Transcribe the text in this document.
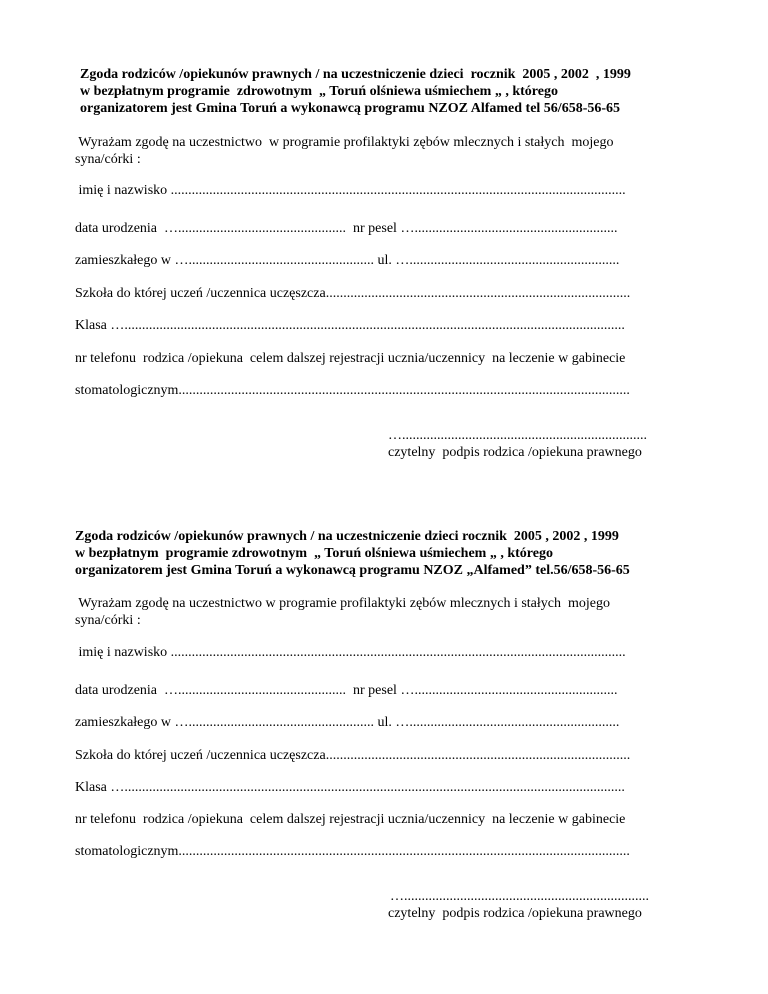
Zgoda rodziców /opiekunów prawnych / na uczestniczenie dzieci  rocznik  2005 , 2002  , 1999
w bezpłatnym programie  zdrowotnym  „ Toruń olśniewa uśmiechem „ , którego
organizatorem jest Gmina Toruń a wykonawcą programu NZOZ Alfamed tel 56/658-56-65
Wyrażam zgodę na uczestnictwo  w programie profilaktyki zębów mlecznych i stałych  mojego
syna/córki :
imię i nazwisko ..................................................................................................................................
data urodzenia  …................................................  nr pesel …..........................................................
zamieszkałego w …..................................................... ul. …............................................................
Szkoła do której uczeń /uczennica uczęszcza.......................................................................................
Klasa …...............................................................................................................................................
nr telefonu  rodzica /opiekuna  celem dalszej rejestracji ucznia/uczennicy  na leczenie w gabinecie
stomatologicznym.................................................................................................................................
…......................................................................
czytelny  podpis rodzica /opiekuna prawnego
Zgoda rodziców /opiekunów prawnych / na uczestniczenie dzieci rocznik  2005 , 2002 , 1999
w bezpłatnym  programie zdrowotnym  „ Toruń olśniewa uśmiechem „ , którego
organizatorem jest Gmina Toruń a wykonawcą programu NZOZ „Alfamed” tel.56/658-56-65
Wyrażam zgodę na uczestnictwo w programie profilaktyki zębów mlecznych i stałych  mojego
syna/córki :
imię i nazwisko ..................................................................................................................................
data urodzenia  …................................................  nr pesel …..........................................................
zamieszkałego w …..................................................... ul. …............................................................
Szkoła do której uczeń /uczennica uczęszcza.......................................................................................
Klasa …...............................................................................................................................................
nr telefonu  rodzica /opiekuna  celem dalszej rejestracji ucznia/uczennicy  na leczenie w gabinecie
stomatologicznym.................................................................................................................................
…......................................................................
czytelny  podpis rodzica /opiekuna prawnego
